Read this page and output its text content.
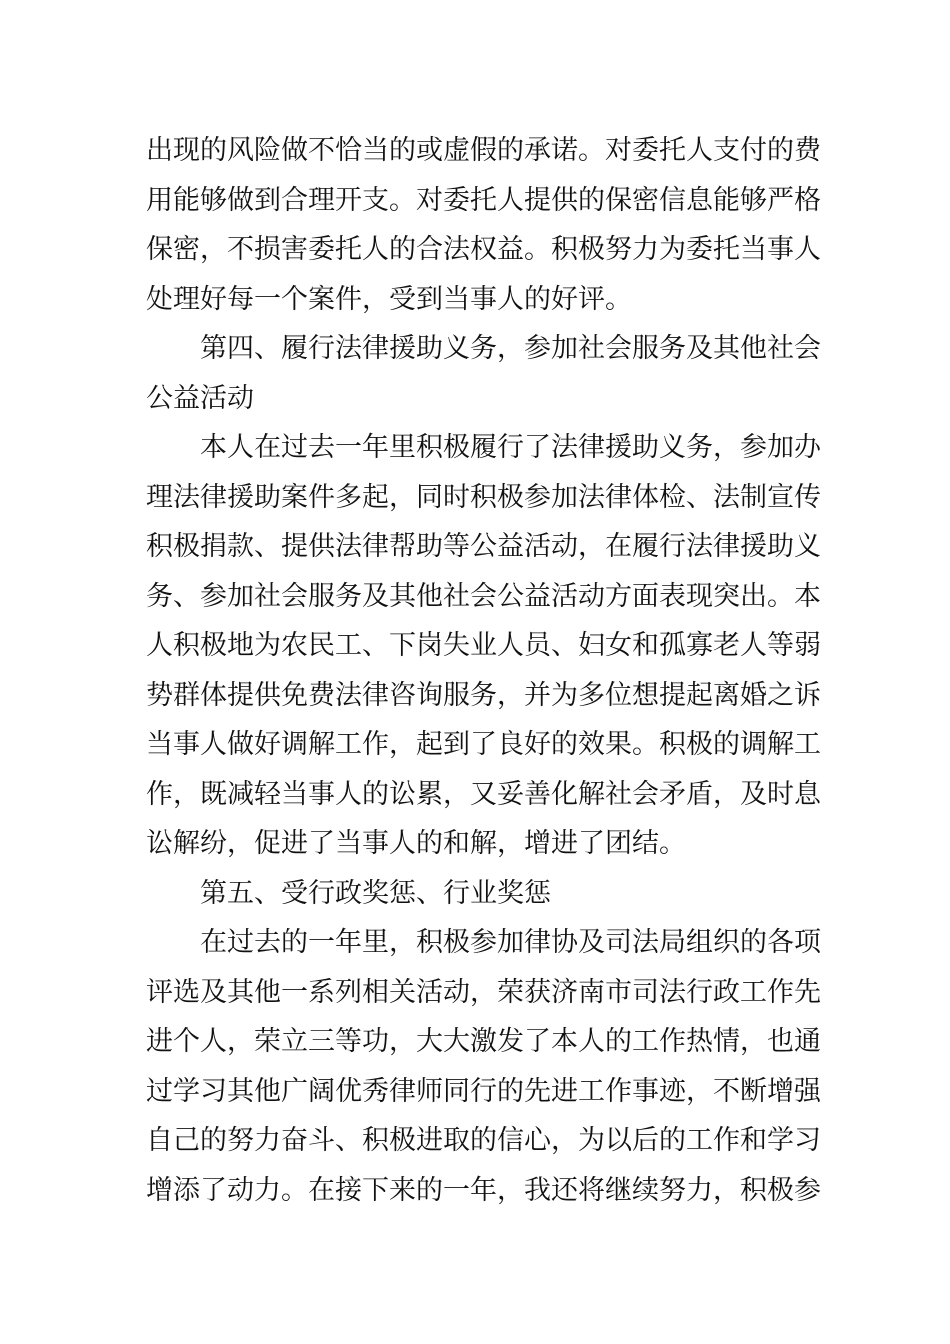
出现的风险做不恰当的或虚假的承诺。对委托人支付的费
用能够做到合理开支。对委托人提供的保密信息能够严格
保密，不损害委托人的合法权益。积极努力为委托当事人
处理好每一个案件，受到当事人的好评。
第四、履行法律援助义务，参加社会服务及其他社会
公益活动
本人在过去一年里积极履行了法律援助义务，参加办
理法律援助案件多起，同时积极参加法律体检、法制宣传
积极捐款、提供法律帮助等公益活动，在履行法律援助义
务、参加社会服务及其他社会公益活动方面表现突出。本
人积极地为农民工、下岗失业人员、妇女和孤寡老人等弱
势群体提供免费法律咨询服务，并为多位想提起离婚之诉
当事人做好调解工作，起到了良好的效果。积极的调解工
作，既减轻当事人的讼累，又妥善化解社会矛盾，及时息
讼解纷，促进了当事人的和解，增进了团结。
第五、受行政奖惩、行业奖惩
在过去的一年里，积极参加律协及司法局组织的各项
评选及其他一系列相关活动，荣获济南市司法行政工作先
进个人，荣立三等功，大大激发了本人的工作热情，也通
过学习其他广阔优秀律师同行的先进工作事迹，不断增强
自己的努力奋斗、积极进取的信心，为以后的工作和学习
增添了动力。在接下来的一年，我还将继续努力，积极参
